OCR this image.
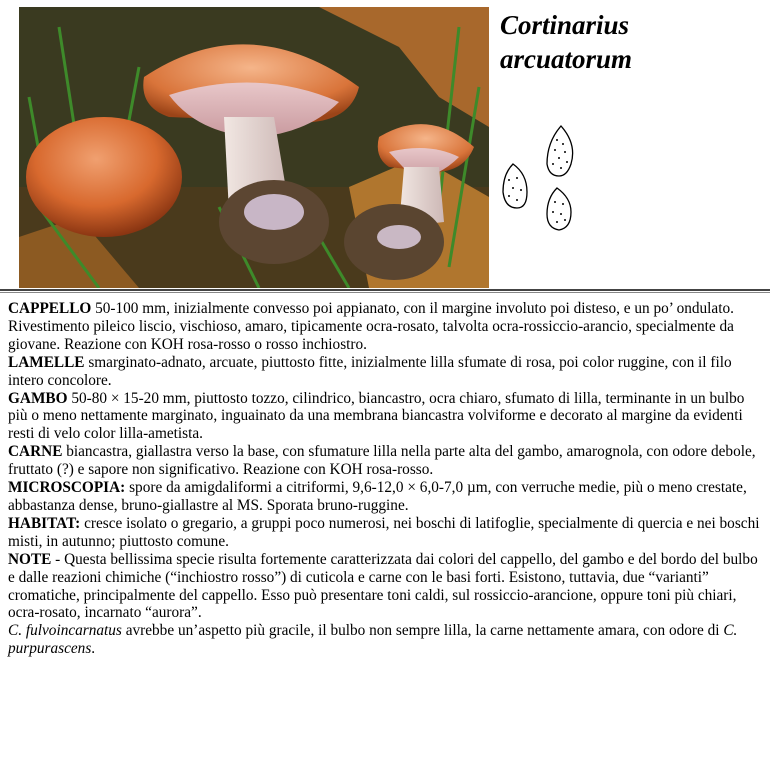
Cortinarius
arcuatorum

CAPPELLO 50-100 mm, inizialmente convesso poi appianato, con il margine involuto poi disteso, e un po’ ondulato. Rivestimento pileico liscio, vischioso, amaro, tipicamente ocra-rosato, talvolta ocra-rossiccio-arancio, specialmente da giovane. Reazione con KOH rosa-rosso o rosso inchiostro.

LAMELLE smarginato-adnato, arcuate, piuttosto fitte, inizialmente lilla sfumate di rosa, poi color ruggine, con il filo intero concolore.

GAMBO 50-80 × 15-20 mm, piuttosto tozzo, cilindrico, biancastro, ocra chiaro, sfumato di lilla, terminante in un bulbo più o meno nettamente marginato, inguainato da una membrana biancastra volviforme e decorato al margine da evidenti resti di velo color lilla-ametista.

CARNE biancastra, giallastra verso la base, con sfumature lilla nella parte alta del gambo, amarognola, con odore debole, fruttato (?) e sapore non significativo. Reazione con KOH rosa-rosso.

MICROSCOPIA: spore da amigdaliformi a citriformi, 9,6-12,0 × 6,0-7,0 µm, con verruche medie, più o meno crestate, abbastanza dense, bruno-giallastre al MS. Sporata bruno-ruggine.

HABITAT: cresce isolato o gregario, a gruppi poco numerosi, nei boschi di latifoglie, specialmente di quercia e nei boschi misti, in autunno; piuttosto comune.

NOTE - Questa bellissima specie risulta fortemente caratterizzata dai colori del cappello, del gambo e del bordo del bulbo e dalle reazioni chimiche (“inchiostro rosso”) di cuticola e carne con le basi forti. Esistono, tuttavia, due “varianti” cromatiche, principalmente del cappello. Esso può presentare toni caldi, sul rossiccio-arancione, oppure toni più chiari, ocra-rosato, incarnato “aurora”.

C. fulvoincarnatus avrebbe un’aspetto più gracile, il bulbo non sempre lilla, la carne nettamente amara, con odore di C. purpurascens.
